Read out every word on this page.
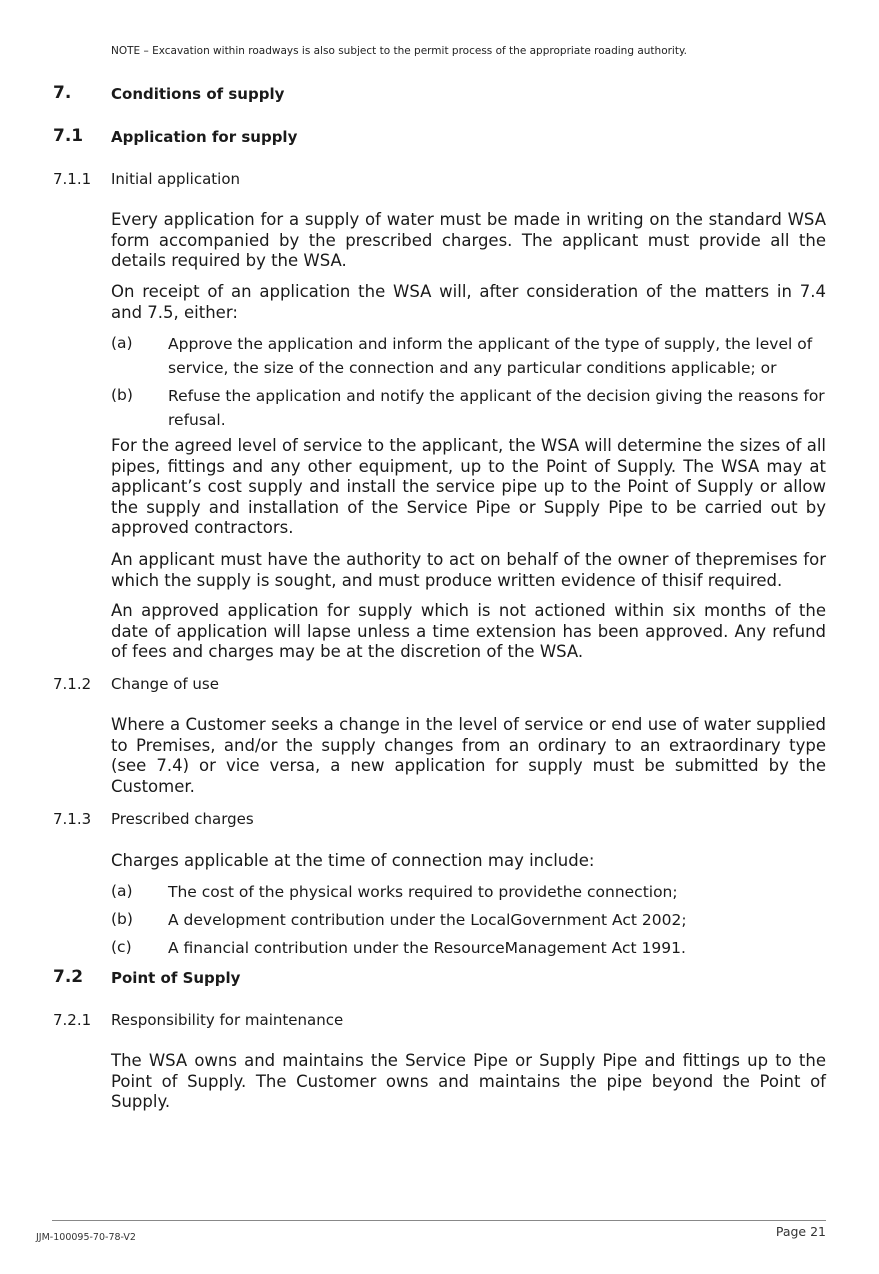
NOTE – Excavation within roadways is also subject to the permit process of the appropriate roading authority.
7.	Conditions of supply
7.1 Application for supply
7.1.1 Initial application

Every application for a supply of water must be made in writing on the standard WSA form accompanied by the prescribed charges. The applicant must provide all the details required by the WSA.

On receipt of an application the WSA will, after consideration of the matters in 7.4 and 7.5, either:

(a) Approve the application and inform the applicant of the type of supply, the level of service, the size of the connection and any particular conditions applicable; or

(b) Refuse the application and notify the applicant of the decision giving the reasons for refusal.

For the agreed level of service to the applicant, the WSA will determine the sizes of all pipes, fittings and any other equipment, up to the Point of Supply. The WSA may at applicant’s cost supply and install the service pipe up to the Point of Supply or allow the supply and installation of the Service Pipe or Supply Pipe to be carried out by approved contractors.

An applicant must have the authority to act on behalf of the owner of thepremises for which the supply is sought, and must produce written evidence of thisif required.

An approved application for supply which is not actioned within six months of the date of application will lapse unless a time extension has been approved. Any refund of fees and charges may be at the discretion of the WSA.

7.1.2 Change of use

Where a Customer seeks a change in the level of service or end use of water supplied to Premises, and/or the supply changes from an ordinary to an extraordinary type (see 7.4) or vice versa, a new application for supply must be submitted by the Customer.

7.1.3 Prescribed charges

Charges applicable at the time of connection may include:

(a) The cost of the physical works required to providethe connection;

(b) A development contribution under the LocalGovernment Act 2002;

(c) A financial contribution under the ResourceManagement Act 1991.

7.2 Point of Supply
7.2.1 Responsibility for maintenance

The WSA owns and maintains the Service Pipe or Supply Pipe and fittings up to the Point of Supply. The Customer owns and maintains the pipe beyond the Point of Supply.

JJM-100095-70-78-V2	Page 21
